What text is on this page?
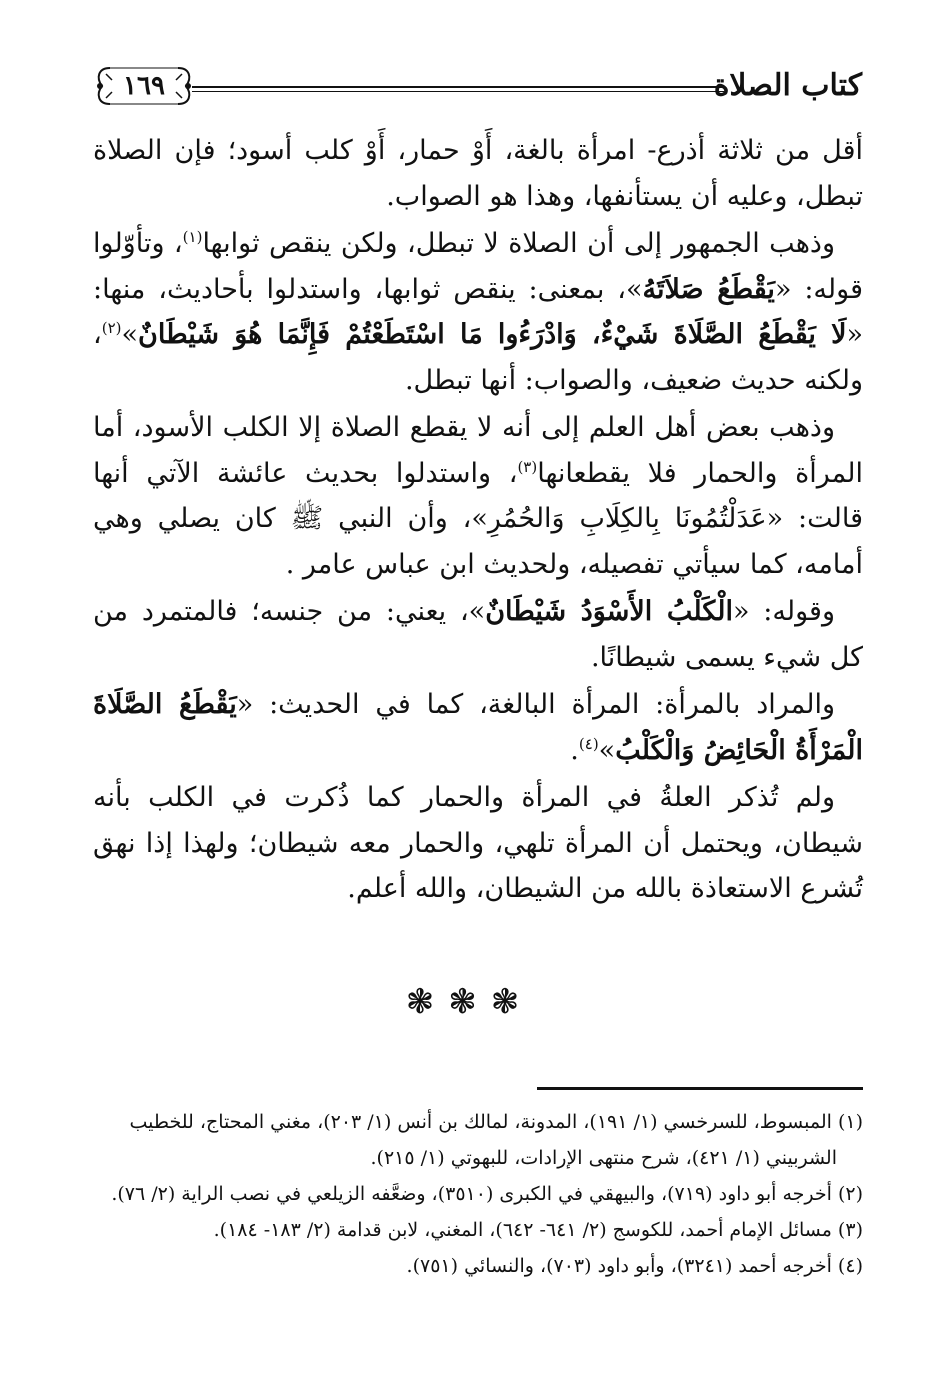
كتاب الصلاة
١٦٩

أقل من ثلاثة أذرع- امرأة بالغة، أَوْ حمار، أَوْ كلب أسود؛ فإن الصلاة تبطل، وعليه أن يستأنفها، وهذا هو الصواب.

وذهب الجمهور إلى أن الصلاة لا تبطل، ولكن ينقص ثوابها$^{(١)}$، وتأوّلوا قوله: «يَقْطَعُ صَلاَتَهُ»، بمعنى: ينقص ثوابها، واستدلوا بأحاديث، منها: «لَا يَقْطَعُ الصَّلَاةَ شَيْءٌ، وَادْرَءُوا مَا اسْتَطَعْتُمْ فَإِنَّمَا هُوَ شَيْطَانٌ»$^{(٢)}$، ولكنه حديث ضعيف، والصواب: أنها تبطل.

وذهب بعض أهل العلم إلى أنه لا يقطع الصلاة إلا الكلب الأسود، أما المرأة والحمار فلا يقطعانها$^{(٣)}$، واستدلوا بحديث عائشة الآتي أنها قالت: «عَدَلْتُمُونَا بِالكِلَابِ وَالحُمُرِ»، وأن النبي ﷺ كان يصلي وهي أمامه، كما سيأتي تفصيله، ولحديث ابن عباس عامر .

وقوله: «الْكَلْبُ الأَسْوَدُ شَيْطَانٌ»، يعني: من جنسه؛ فالمتمرد من كل شيء يسمى شيطانًا.

والمراد بالمرأة: المرأة البالغة، كما في الحديث: «يَقْطَعُ الصَّلَاةَ الْمَرْأَةُ الْحَائِضُ وَالْكَلْبُ»$^{(٤)}$.

ولم تُذكر العلةُ في المرأة والحمار كما ذُكرت في الكلب بأنه شيطان، ويحتمل أن المرأة تلهي، والحمار معه شيطان؛ ولهذا إذا نهق تُشرع الاستعاذة بالله من الشيطان، والله أعلم.

❃❃❃
(١) المبسوط، للسرخسي (١/ ١٩١)، المدونة، لمالك بن أنس (١/ ٢٠٣)، مغني المحتاج، للخطيب
الشربيني (١/ ٤٢١)، شرح منتهى الإرادات، للبهوتي (١/ ٢١٥).
(٢) أخرجه أبو داود (٧١٩)، والبيهقي في الكبرى (٣٥١٠)، وضعَّفه الزيلعي في نصب الراية (٢/ ٧٦).
(٣) مسائل الإمام أحمد، للكوسج (٢/ ٦٤١- ٦٤٢)، المغني، لابن قدامة (٢/ ١٨٣- ١٨٤).
(٤) أخرجه أحمد (٣٢٤١)، وأبو داود (٧٠٣)، والنسائي (٧٥١).
